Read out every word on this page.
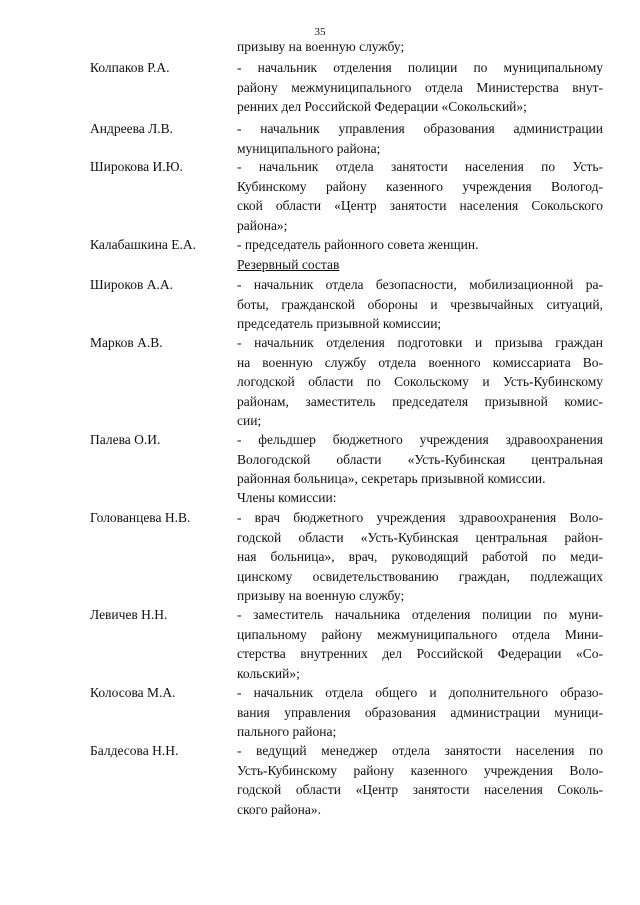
35
призыву на военную службу;
Колпаков Р.А.	- начальник отделения полиции по муниципальному
району межмуниципального отдела Министерства внут-
ренних дел Российской Федерации «Сокольский»;
Андреева Л.В.	- начальник управления образования администрации
муниципального района;
Широкова И.Ю.	- начальник отдела занятости населения по Усть-
Кубинскому району казенного учреждения Вологод-
ской области «Центр занятости населения Сокольского
района»;
Калабашкина Е.А.	- председатель районного совета женщин.
Резервный состав
Широков А.А.	- начальник отдела безопасности, мобилизационной ра-
боты, гражданской обороны и чрезвычайных ситуаций,
председатель призывной комиссии;
Марков А.В.	- начальник отделения подготовки и призыва граждан
на военную службу отдела военного комиссариата Во-
логодской области по Сокольскому и Усть-Кубинскому
районам, заместитель председателя призывной комис-
сии;
Палева О.И.	- фельдшер бюджетного учреждения здравоохранения
Вологодской области «Усть-Кубинская центральная
районная больница», секретарь призывной комиссии.
Члены комиссии:
Голованцева Н.В.	- врач бюджетного учреждения здравоохранения Воло-
годской области «Усть-Кубинская центральная район-
ная больница», врач, руководящий работой по меди-
цинскому освидетельствованию граждан, подлежащих
призыву на военную службу;
Левичев Н.Н.	- заместитель начальника отделения полиции по муни-
ципальному району межмуниципального отдела Мини-
стерства внутренних дел Российской Федерации «Со-
кольский»;
Колосова М.А.	- начальник отдела общего и дополнительного образо-
вания управления образования администрации муници-
пального района;
Балдесова Н.Н.	- ведущий менеджер отдела занятости населения по
Усть-Кубинскому району казенного учреждения Воло-
годской области «Центр занятости населения Соколь-
ского района».
